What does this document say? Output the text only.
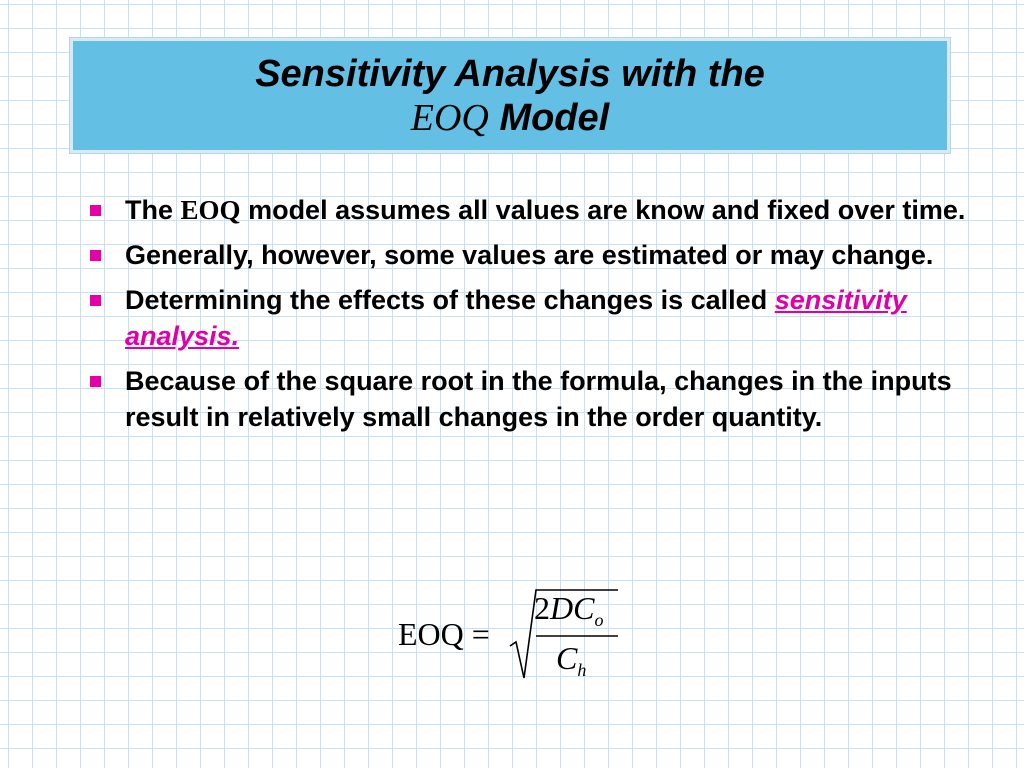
Sensitivity Analysis with the
EOQ Model
The EOQ model assumes all values are know and fixed over time.
Generally, however, some values are estimated or may change.
Determining the effects of these changes is called sensitivity analysis.
Because of the square root in the formula, changes in the inputs result in relatively small changes in the order quantity.
EOQ =
$2DC_o$
$C_h$
